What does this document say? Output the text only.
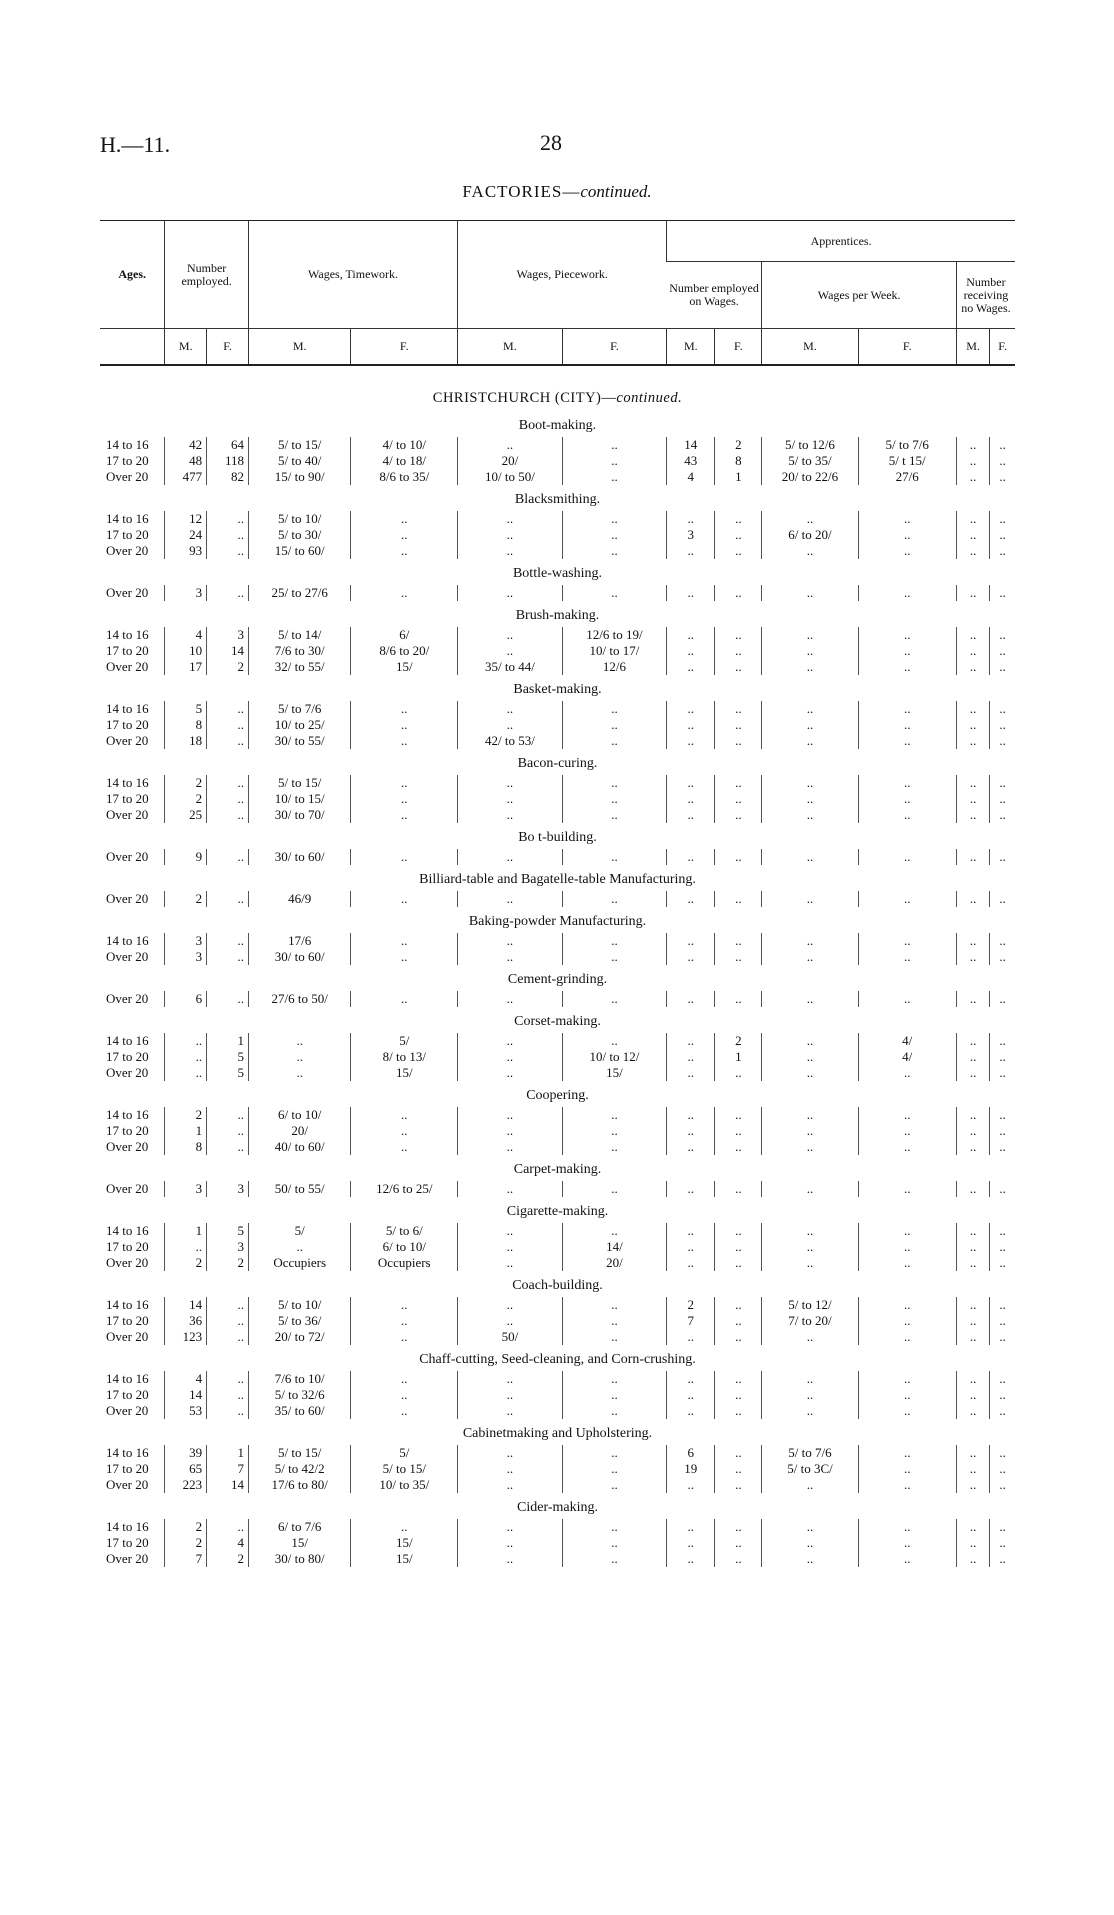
H.—11.	28
FACTORIES—continued.
Ages.	Number employed.		Wages, Timework.		Wages, Piecework.		Apprentices.					
							Number employed on Wages.		Wages per Week.		Number receiving no Wages.	
	M.	F.	M.	F.	M.	F.	M.	F.	M.	F.	M.	F.
CHRISTCHURCH (CITY)—continued.
Boot-making.
14 to 16	42	64	5/ to 15/	4/ to 10/	..	..	14	2	5/ to 12/6	5/ to 7/6	..	..
17 to 20	48	118	5/ to 40/	4/ to 18/	20/	..	43	8	5/ to 35/	5/ t 15/	..	..
Over 20	477	82	15/ to 90/	8/6 to 35/	10/ to 50/	..	4	1	20/ to 22/6	27/6	..	..
Blacksmithing.
14 to 16	12	..	5/ to 10/	..	..	..	..	..	..	..	..	..
17 to 20	24	..	5/ to 30/	..	..	..	3	..	6/ to 20/	..	..	..
Over 20	93	..	15/ to 60/	..	..	..	..	..	..	..	..	..
Bottle-washing.
Over 20	3	..	25/ to 27/6	..	..	..	..	..	..	..	..	..
Brush-making.
14 to 16	4	3	5/ to 14/	6/	..	12/6 to 19/	..	..	..	..	..	..
17 to 20	10	14	7/6 to 30/	8/6 to 20/	..	10/ to 17/	..	..	..	..	..	..
Over 20	17	2	32/ to 55/	15/	35/ to 44/	12/6	..	..	..	..	..	..
Basket-making.
14 to 16	5	..	5/ to 7/6	..	..	..	..	..	..	..	..	..
17 to 20	8	..	10/ to 25/	..	..	..	..	..	..	..	..	..
Over 20	18	..	30/ to 55/	..	42/ to 53/	..	..	..	..	..	..	..
Bacon-curing.
14 to 16	2	..	5/ to 15/	..	..	..	..	..	..	..	..	..
17 to 20	2	..	10/ to 15/	..	..	..	..	..	..	..	..	..
Over 20	25	..	30/ to 70/	..	..	..	..	..	..	..	..	..
Bo t-building.
Over 20	9	..	30/ to 60/	..	..	..	..	..	..	..	..	..
Billiard-table and Bagatelle-table Manufacturing.
Over 20	2	..	46/9	..	..	..	..	..	..	..	..	..
Baking-powder Manufacturing.
14 to 16	3	..	17/6	..	..	..	..	..	..	..	..	..
Over 20	3	..	30/ to 60/	..	..	..	..	..	..	..	..	..
Cement-grinding.
Over 20	6	..	27/6 to 50/	..	..	..	..	..	..	..	..	..
Corset-making.
14 to 16	..	1	..	5/	..	..	..	2	..	4/	..	..
17 to 20	..	5	..	8/ to 13/	..	10/ to 12/	..	1	..	4/	..	..
Over 20	..	5	..	15/	..	15/	..	..	..	..	..	..
Coopering.
14 to 16	2	..	6/ to 10/	..	..	..	..	..	..	..	..	..
17 to 20	1	..	20/	..	..	..	..	..	..	..	..	..
Over 20	8	..	40/ to 60/	..	..	..	..	..	..	..	..	..
Carpet-making.
Over 20	3	3	50/ to 55/	12/6 to 25/	..	..	..	..	..	..	..	..
Cigarette-making.
14 to 16	1	5	5/	5/ to 6/	..	..	..	..	..	..	..	..
17 to 20	..	3	..	6/ to 10/	..	14/	..	..	..	..	..	..
Over 20	2	2	Occupiers	Occupiers	..	20/	..	..	..	..	..	..
Coach-building.
14 to 16	14	..	5/ to 10/	..	..	..	2	..	5/ to 12/	..	..	..
17 to 20	36	..	5/ to 36/	..	..	..	7	..	7/ to 20/	..	..	..
Over 20	123	..	20/ to 72/	..	50/	..	..	..	..	..	..	..
Chaff-cutting, Seed-cleaning, and Corn-crushing.
14 to 16	4	..	7/6 to 10/	..	..	..	..	..	..	..	..	..
17 to 20	14	..	5/ to 32/6	..	..	..	..	..	..	..	..	..
Over 20	53	..	35/ to 60/	..	..	..	..	..	..	..	..	..
Cabinetmaking and Upholstering.
14 to 16	39	1	5/ to 15/	5/	..	..	6	..	5/ to 7/6	..	..	..
17 to 20	65	7	5/ to 42/2	5/ to 15/	..	..	19	..	5/ to 3C/	..	..	..
Over 20	223	14	17/6 to 80/	10/ to 35/	..	..	..	..	..	..	..	..
Cider-making.
14 to 16	2	..	6/ to 7/6	..	..	..	..	..	..	..	..	..
17 to 20	2	4	15/	15/	..	..	..	..	..	..	..	..
Over 20	7	2	30/ to 80/	15/	..	..	..	..	..	..	..	..
